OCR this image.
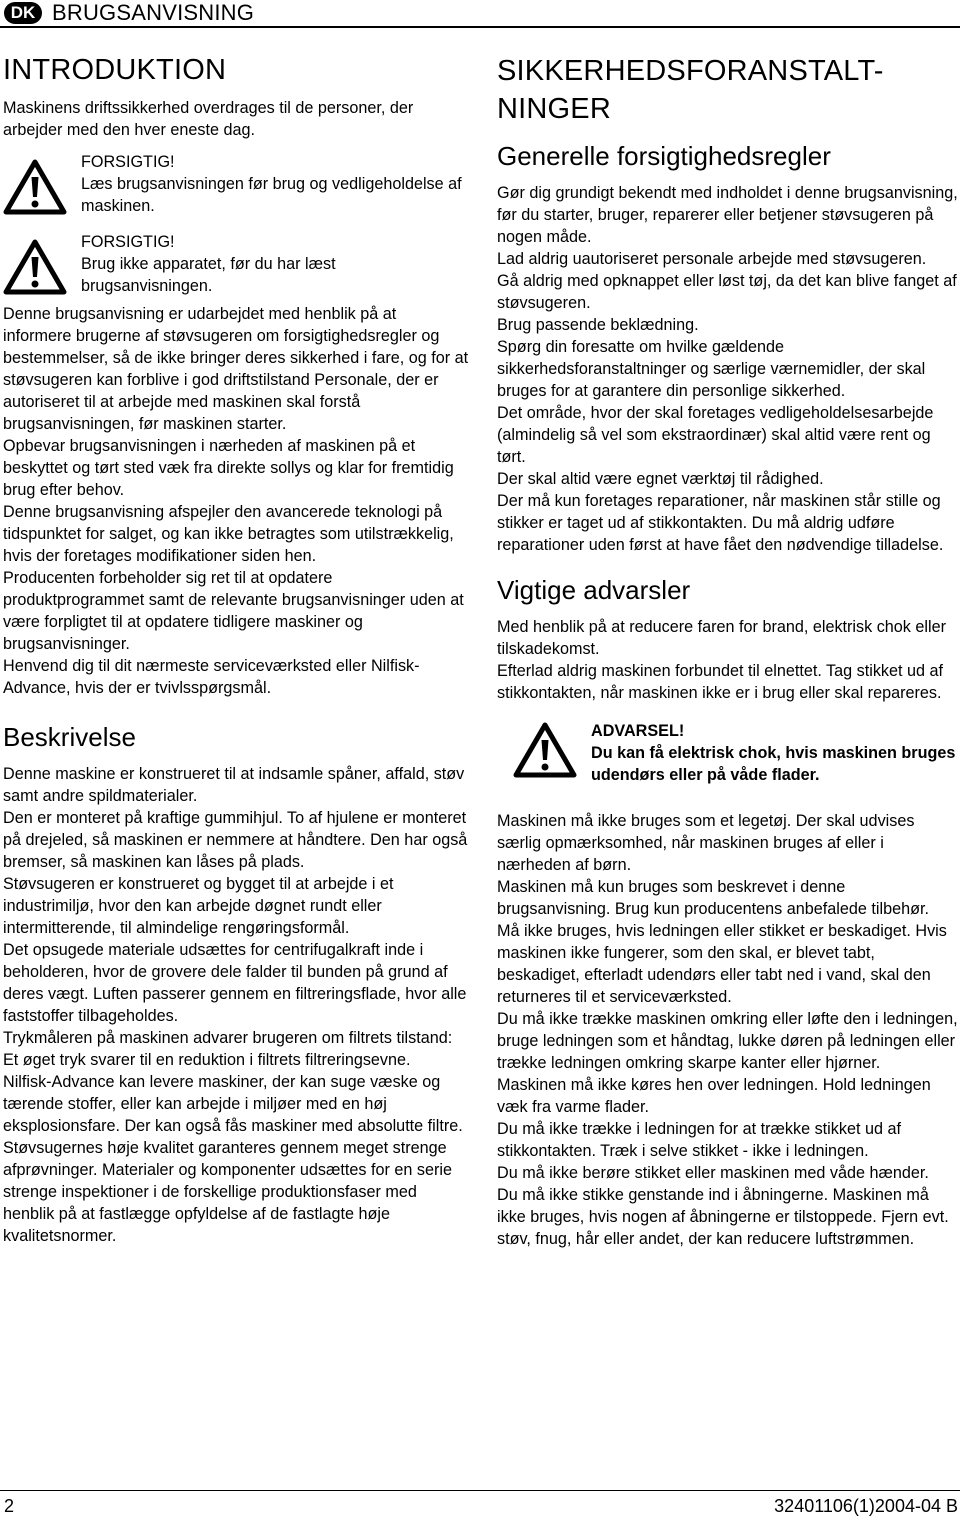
DK BRUGSANVISNING
INTRODUKTION

Maskinens driftssikkerhed overdrages til de personer, der arbejder med den hver eneste dag.

FORSIGTIG!

Læs brugsanvisningen før brug og vedligeholdelse af maskinen.

FORSIGTIG!

Brug ikke apparatet, før du har læst brugsanvisningen.

Denne brugsanvisning er udarbejdet med henblik på at informere brugerne af støvsugeren om forsigtighedsregler og bestemmelser, så de ikke bringer deres sikkerhed i fare, og for at støvsugeren kan forblive i god driftstilstand Personale, der er autoriseret til at arbejde med maskinen skal forstå brugsanvisningen, før maskinen starter.

Opbevar brugsanvisningen i nærheden af maskinen på et beskyttet og tørt sted væk fra direkte sollys og klar for fremtidig brug efter behov.

Denne brugsanvisning afspejler den avancerede teknologi på tidspunktet for salget, og kan ikke betragtes som utilstrækkelig, hvis der foretages modifikationer siden hen.

Producenten forbeholder sig ret til at opdatere produktprogrammet samt de relevante brugsanvisninger uden at være forpligtet til at opdatere tidligere maskiner og brugsanvisninger.

Henvend dig til dit nærmeste serviceværksted eller Nilfisk-Advance, hvis der er tvivlsspørgsmål.

Beskrivelse

Denne maskine er konstrueret til at indsamle spåner, affald, støv samt andre spildmaterialer.

Den er monteret på kraftige gummihjul. To af hjulene er monteret på drejeled, så maskinen er nemmere at håndtere. Den har også bremser, så maskinen kan låses på plads.

Støvsugeren er konstrueret og bygget til at arbejde i et industrimiljø, hvor den kan arbejde døgnet rundt eller intermitterende, til almindelige rengøringsformål.

Det opsugede materiale udsættes for centrifugalkraft inde i beholderen, hvor de grovere dele falder til bunden på grund af deres vægt. Luften passerer gennem en filtreringsflade, hvor alle faststoffer tilbageholdes.

Trykmåleren på maskinen advarer brugeren om filtrets tilstand: Et øget tryk svarer til en reduktion i filtrets filtreringsevne.

Nilfisk-Advance kan levere maskiner, der kan suge væske og tærende stoffer, eller kan arbejde i miljøer med en høj eksplosionsfare. Der kan også fås maskiner med absolutte filtre.

Støvsugernes høje kvalitet garanteres gennem meget strenge afprøvninger. Materialer og komponenter udsættes for en serie strenge inspektioner i de forskellige produktionsfaser med henblik på at fastlægge opfyldelse af de fastlagte høje kvalitetsnormer.

SIKKERHEDSFORANSTALT-NINGER
Generelle forsigtighedsregler

Gør dig grundigt bekendt med indholdet i denne brugsanvisning, før du starter, bruger, reparerer eller betjener støvsugeren på nogen måde.

Lad aldrig uautoriseret personale arbejde med støvsugeren.

Gå aldrig med opknappet eller løst tøj, da det kan blive fanget af støvsugeren.

Brug passende beklædning.

Spørg din foresatte om hvilke gældende sikkerhedsforanstaltninger og særlige værnemidler, der skal bruges for at garantere din personlige sikkerhed.

Det område, hvor der skal foretages vedligeholdelsesarbejde (almindelig så vel som ekstraordinær) skal altid være rent og tørt.

Der skal altid være egnet værktøj til rådighed.

Der må kun foretages reparationer, når maskinen står stille og stikker er taget ud af stikkontakten. Du må aldrig udføre reparationer uden først at have fået den nødvendige tilladelse.

Vigtige advarsler

Med henblik på at reducere faren for brand, elektrisk chok eller tilskadekomst.

Efterlad aldrig maskinen forbundet til elnettet. Tag stikket ud af stikkontakten, når maskinen ikke er i brug eller skal repareres.

ADVARSEL!

Du kan få elektrisk chok, hvis maskinen bruges udendørs eller på våde flader.

Maskinen må ikke bruges som et legetøj. Der skal udvises særlig opmærksomhed, når maskinen bruges af eller i nærheden af børn.

Maskinen må kun bruges som beskrevet i denne brugsanvisning. Brug kun producentens anbefalede tilbehør.

Må ikke bruges, hvis ledningen eller stikket er beskadiget. Hvis maskinen ikke fungerer, som den skal, er blevet tabt, beskadiget, efterladt udendørs eller tabt ned i vand, skal den returneres til et serviceværksted.

Du må ikke trække maskinen omkring eller løfte den i ledningen, bruge ledningen som et håndtag, lukke døren på ledningen eller trække ledningen omkring skarpe kanter eller hjørner.

Maskinen må ikke køres hen over ledningen. Hold ledningen væk fra varme flader.

Du må ikke trække i ledningen for at trække stikket ud af stikkontakten. Træk i selve stikket - ikke i ledningen.

Du må ikke berøre stikket eller maskinen med våde hænder.

Du må ikke stikke genstande ind i åbningerne. Maskinen må ikke bruges, hvis nogen af åbningerne er tilstoppede. Fjern evt. støv, fnug, hår eller andet, der kan reducere luftstrømmen.

2	32401106(1)2004-04 B
